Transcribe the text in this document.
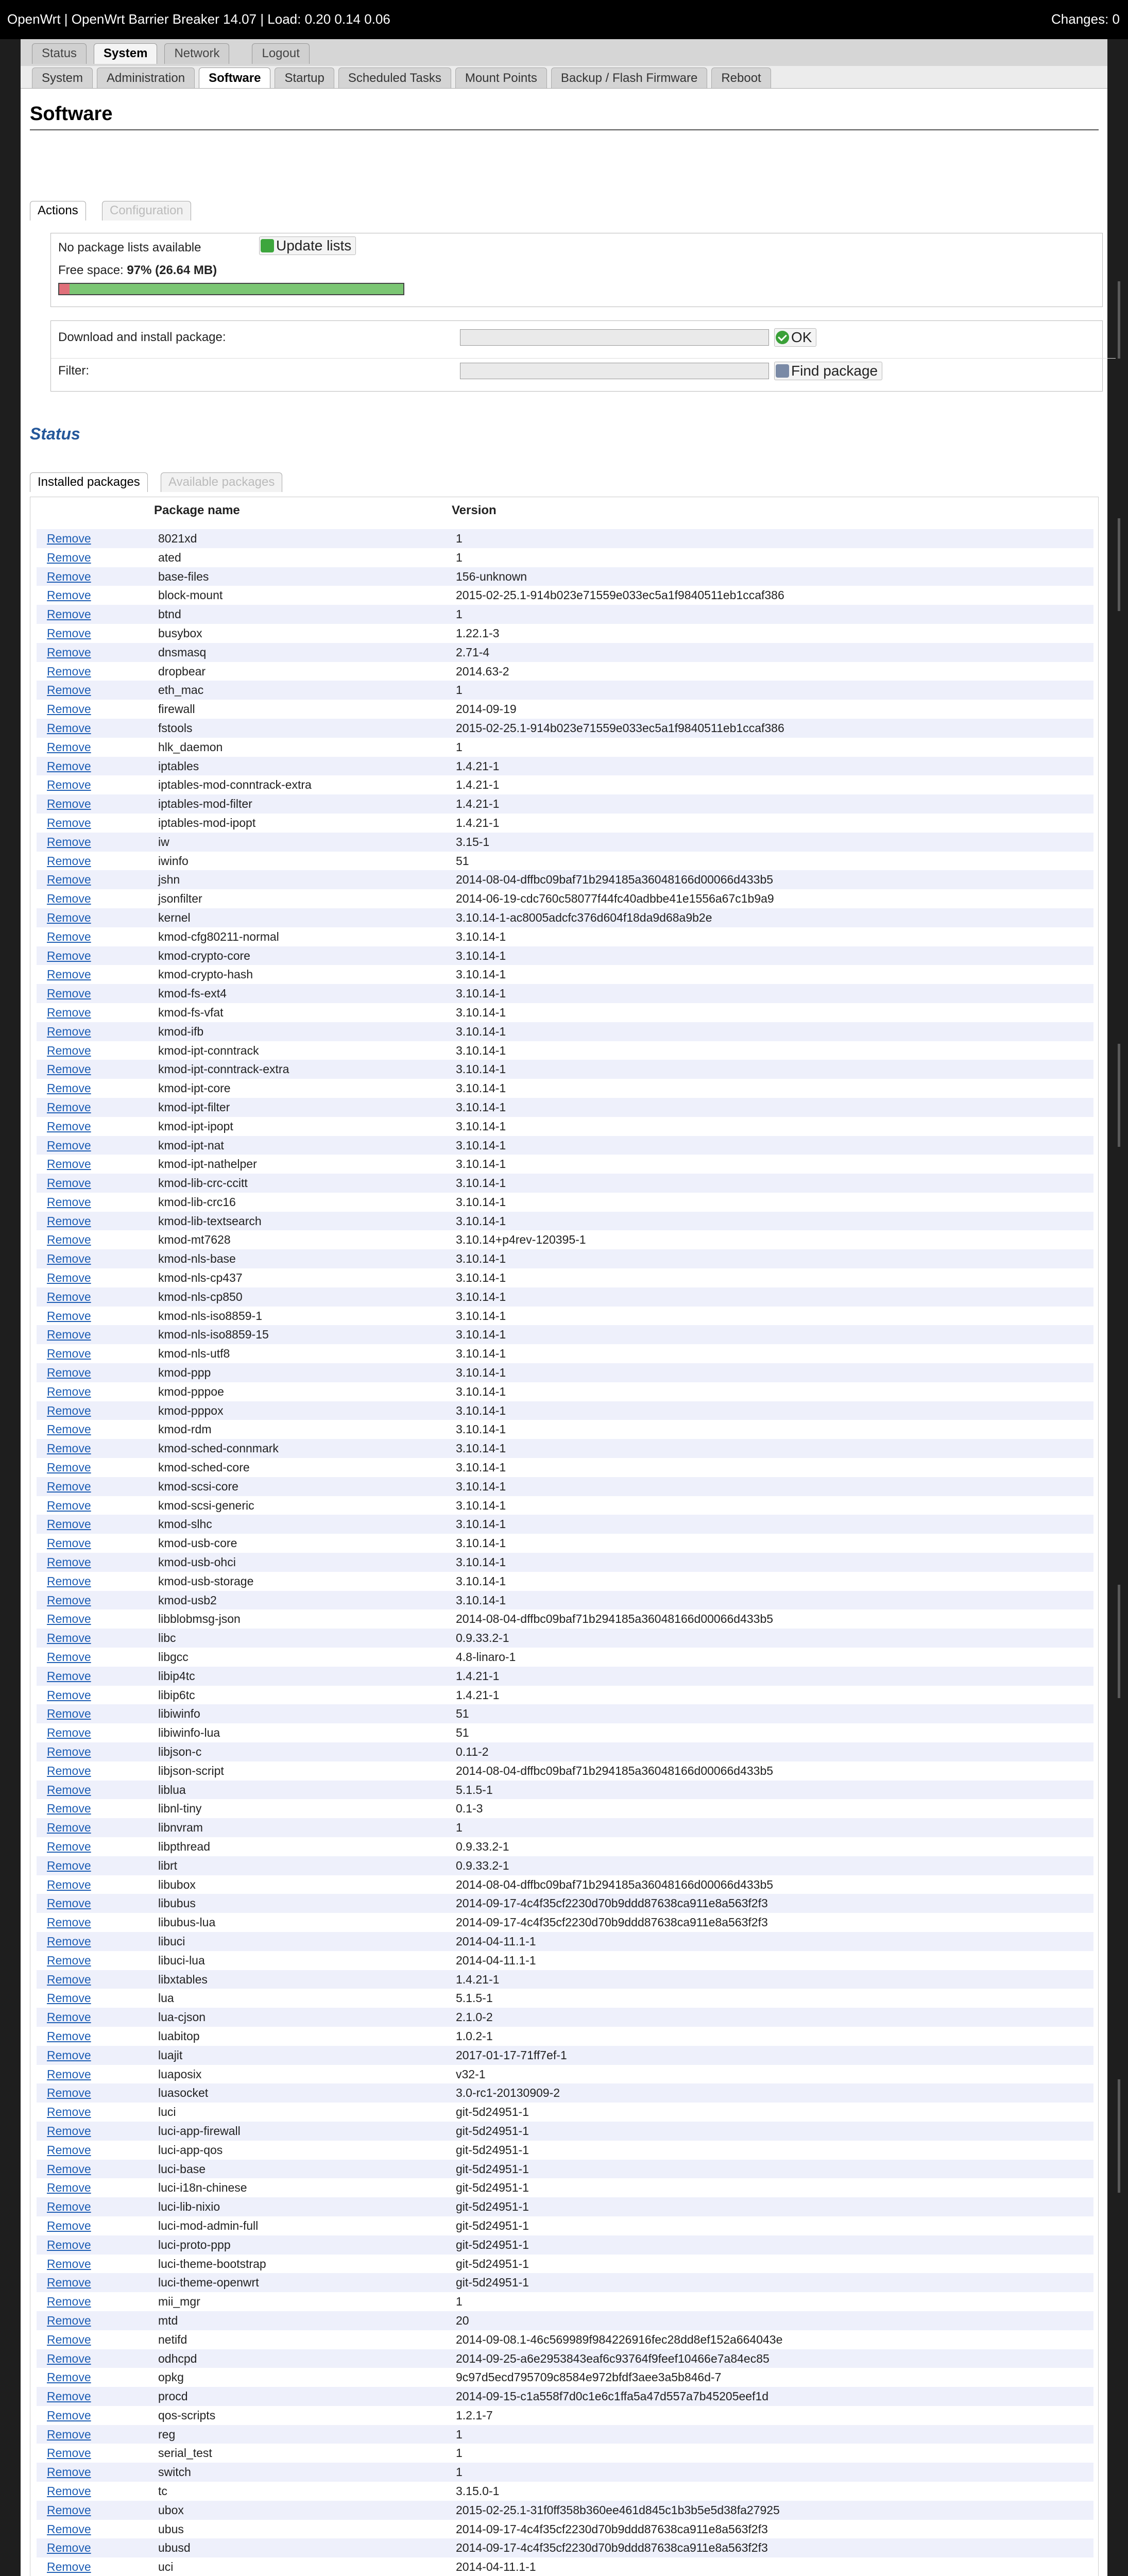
OpenWrt | OpenWrt Barrier Breaker 14.07 | Load: 0.20 0.14 0.06	Changes: 0
Status	System	Network	Logout
System	Administration	Software	Startup	Scheduled Tasks	Mount Points	Backup / Flash Firmware	Reboot
Software
Actions	Configuration
No package lists available	Update lists
Free space: 97% (26.64 MB)
Download and install package:	OK
Filter:	Find package
Status
Installed packages	Available packages
Package name	Version
Remove	8021xd	1
Remove	ated	1
Remove	base-files	156-unknown
Remove	block-mount	2015-02-25.1-914b023e71559e033ec5a1f9840511eb1ccaf386
Remove	btnd	1
Remove	busybox	1.22.1-3
Remove	dnsmasq	2.71-4
Remove	dropbear	2014.63-2
Remove	eth_mac	1
Remove	firewall	2014-09-19
Remove	fstools	2015-02-25.1-914b023e71559e033ec5a1f9840511eb1ccaf386
Remove	hlk_daemon	1
Remove	iptables	1.4.21-1
Remove	iptables-mod-conntrack-extra	1.4.21-1
Remove	iptables-mod-filter	1.4.21-1
Remove	iptables-mod-ipopt	1.4.21-1
Remove	iw	3.15-1
Remove	iwinfo	51
Remove	jshn	2014-08-04-dffbc09baf71b294185a36048166d00066d433b5
Remove	jsonfilter	2014-06-19-cdc760c58077f44fc40adbbe41e1556a67c1b9a9
Remove	kernel	3.10.14-1-ac8005adcfc376d604f18da9d68a9b2e
Remove	kmod-cfg80211-normal	3.10.14-1
Remove	kmod-crypto-core	3.10.14-1
Remove	kmod-crypto-hash	3.10.14-1
Remove	kmod-fs-ext4	3.10.14-1
Remove	kmod-fs-vfat	3.10.14-1
Remove	kmod-ifb	3.10.14-1
Remove	kmod-ipt-conntrack	3.10.14-1
Remove	kmod-ipt-conntrack-extra	3.10.14-1
Remove	kmod-ipt-core	3.10.14-1
Remove	kmod-ipt-filter	3.10.14-1
Remove	kmod-ipt-ipopt	3.10.14-1
Remove	kmod-ipt-nat	3.10.14-1
Remove	kmod-ipt-nathelper	3.10.14-1
Remove	kmod-lib-crc-ccitt	3.10.14-1
Remove	kmod-lib-crc16	3.10.14-1
Remove	kmod-lib-textsearch	3.10.14-1
Remove	kmod-mt7628	3.10.14+p4rev-120395-1
Remove	kmod-nls-base	3.10.14-1
Remove	kmod-nls-cp437	3.10.14-1
Remove	kmod-nls-cp850	3.10.14-1
Remove	kmod-nls-iso8859-1	3.10.14-1
Remove	kmod-nls-iso8859-15	3.10.14-1
Remove	kmod-nls-utf8	3.10.14-1
Remove	kmod-ppp	3.10.14-1
Remove	kmod-pppoe	3.10.14-1
Remove	kmod-pppox	3.10.14-1
Remove	kmod-rdm	3.10.14-1
Remove	kmod-sched-connmark	3.10.14-1
Remove	kmod-sched-core	3.10.14-1
Remove	kmod-scsi-core	3.10.14-1
Remove	kmod-scsi-generic	3.10.14-1
Remove	kmod-slhc	3.10.14-1
Remove	kmod-usb-core	3.10.14-1
Remove	kmod-usb-ohci	3.10.14-1
Remove	kmod-usb-storage	3.10.14-1
Remove	kmod-usb2	3.10.14-1
Remove	libblobmsg-json	2014-08-04-dffbc09baf71b294185a36048166d00066d433b5
Remove	libc	0.9.33.2-1
Remove	libgcc	4.8-linaro-1
Remove	libip4tc	1.4.21-1
Remove	libip6tc	1.4.21-1
Remove	libiwinfo	51
Remove	libiwinfo-lua	51
Remove	libjson-c	0.11-2
Remove	libjson-script	2014-08-04-dffbc09baf71b294185a36048166d00066d433b5
Remove	liblua	5.1.5-1
Remove	libnl-tiny	0.1-3
Remove	libnvram	1
Remove	libpthread	0.9.33.2-1
Remove	librt	0.9.33.2-1
Remove	libubox	2014-08-04-dffbc09baf71b294185a36048166d00066d433b5
Remove	libubus	2014-09-17-4c4f35cf2230d70b9ddd87638ca911e8a563f2f3
Remove	libubus-lua	2014-09-17-4c4f35cf2230d70b9ddd87638ca911e8a563f2f3
Remove	libuci	2014-04-11.1-1
Remove	libuci-lua	2014-04-11.1-1
Remove	libxtables	1.4.21-1
Remove	lua	5.1.5-1
Remove	lua-cjson	2.1.0-2
Remove	luabitop	1.0.2-1
Remove	luajit	2017-01-17-71ff7ef-1
Remove	luaposix	v32-1
Remove	luasocket	3.0-rc1-20130909-2
Remove	luci	git-5d24951-1
Remove	luci-app-firewall	git-5d24951-1
Remove	luci-app-qos	git-5d24951-1
Remove	luci-base	git-5d24951-1
Remove	luci-i18n-chinese	git-5d24951-1
Remove	luci-lib-nixio	git-5d24951-1
Remove	luci-mod-admin-full	git-5d24951-1
Remove	luci-proto-ppp	git-5d24951-1
Remove	luci-theme-bootstrap	git-5d24951-1
Remove	luci-theme-openwrt	git-5d24951-1
Remove	mii_mgr	1
Remove	mtd	20
Remove	netifd	2014-09-08.1-46c569989f984226916fec28dd8ef152a664043e
Remove	odhcpd	2014-09-25-a6e2953843eaf6c93764f9feef10466e7a84ec85
Remove	opkg	9c97d5ecd795709c8584e972bfdf3aee3a5b846d-7
Remove	procd	2014-09-15-c1a558f7d0c1e6c1ffa5a47d557a7b45205eef1d
Remove	qos-scripts	1.2.1-7
Remove	reg	1
Remove	serial_test	1
Remove	switch	1
Remove	tc	3.15.0-1
Remove	ubox	2015-02-25.1-31f0ff358b360ee461d845c1b3b5e5d38fa27925
Remove	ubus	2014-09-17-4c4f35cf2230d70b9ddd87638ca911e8a563f2f3
Remove	ubusd	2014-09-17-4c4f35cf2230d70b9ddd87638ca911e8a563f2f3
Remove	uci	2014-04-11.1-1
